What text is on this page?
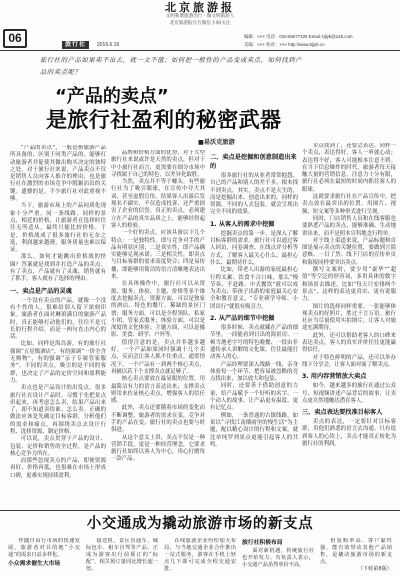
06	旅行社	2016.6.16
北京旅游报
文明和谐旅游出行 · 做文明旅游人
北京旅游报官方微信 扫码关注
编辑：××× 电话：010-66077426 Email: bjlyb@126.com
美编：××× 校对：××× http://www.bjlyb.cn
旅行社的产品如果卖不出去，就一文不值；如何把一般性的产品变成卖点，如何找到产品的卖点呢？
“产品的卖点”
是旅行社盈利的秘密武器
■易沃克旅游

“产品的卖点”，一般是指旅游产品所具备的、区别于同类产品的、能够打动旅游者并促使其做出购买决定的独特之处。对于旅行社来说，产品卖点不仅是销售人员向客人推介的理由，也是旅行社在激烈的市场竞争中脱颖而出的关键。遗憾的是，不少旅行社对此重视不够。

当下，旅游市场上的产品同质化现象十分严重，同一条线路、同样的景点、相近的价格，让旅游者在选择时往往无所适从，最终只能比较价格。于是，价格战成了很多旅行社的无奈之选，利润越来越薄，服务质量也难以保证。

那么，如何才能跳出价格战的怪圈？答案就是找到并打造产品的卖点。有了卖点，产品就有了灵魂，销售就有了抓手，客人就有了选择的理由。

一、卖点是产品的灵魂

一个没有卖点的产品，就像一个没有个性的人，很难给别人留下深刻印象。旅游者在面对琳琅满目的旅游产品时，真正能够打动他们的，往往不是冗长的行程介绍，而是一两句直击内心的话。

比如，同样是海岛游，有的旅行社强调“五星级酒店”，有的强调“一价全含无购物”，有的强调“亲子专属管家服务”。不同的卖点，吸引的是不同的客群，也决定了产品的定价空间和盈利能力。

卖点也是产品设计的出发点。很多旅行社在设计产品时，习惯于先把景点串起来，再考虑怎么卖，结果产品出来了，却不知道卖给谁、怎么卖。正确的做法应该是先确定目标客群，分析他们的需求和痛点，再围绕卖点去设计行程、选择资源、制定价格。

可以说，卖点贯穿于产品的设计、包装、定价和销售的全过程，是产品的核心竞争力所在。

而那些忽视卖点的产品，即便资源再好、价格再低，也很难在市场上形成口碑，更难实现持续盈利。

品牌和价格方面的优势，对于大型旅行社来说或许是天然的卖点，但对于中小旅行社而言，更需要在细分市场中寻找属于自己的特色，以差异化取胜。

当然，卖点并不等于噱头。有些旅行社为了吸引眼球，在宣传中夸大其词，甚至虚假宣传，结果客人出游后发现名不副实，不仅造成投诉，还严重损害了企业的信誉。真正的卖点，必须建立在产品的真实品质之上，能够经得起客人的检验。

一个好的卖点，应该具备以下几个特点：一是独特性，即与竞争对手的产品有明显区别；二是真实性，即产品确实能够兑现承诺；三是相关性，即卖点与目标客群的需求高度契合；四是易传播，即能够用简洁的语言清晰地表达出来。

在具体操作中，旅行社可以从资源、服务、体验、主题、价格等多个维度去挖掘卖点。资源方面，可以是独家的酒店、特色的餐厅、稀缺的景区门票；服务方面，可以是全程领队、私家小团、管家式服务；体验方面，可以是深度的文化体验；主题方面，可以是摄影、美食、研学、户外等。

值得注意的是，卖点并非越多越好。一个产品如果同时强调十几个卖点，反而会让客人抓不住重点。通常情况下，一个产品有一到两个核心卖点，再辅以若干个支撑卖点就足够了。

核心卖点要放在最显眼的位置，用最简洁有力的语言表达出来；支撑卖点则用来佐证核心卖点，增强客人的信任感。

此外，卖点还要随着市场的变化而不断调整。旅游者的需求在变，竞争对手的产品在变，旅行社的卖点也要与时俱进。

从这个意义上讲，卖点不仅是一种营销手段，更是一种经营理念，它要求旅行社始终以客人为中心，用心打磨每一款产品。

二、卖点是挖掘和创意制造出来的

很多旅行社的从业者常常抱怨，自己的产品和别人的差不多，根本找不到卖点。其实，卖点不是天生的，而是挖掘出来、创造出来的。同样的资源，不同的人去包装，就会呈现出完全不同的效果。

1. 从客人的需求中挖掘

挖掘卖点的第一步，是深入了解目标客群的需求。旅行社可以通过客人回访、问卷调查、在线点评分析等方式，了解客人最关心什么、最担心什么、最期待什么。

比如，带老人出游的家庭最担心行程太累、饮食不合口味，那么“慢节奏、不赶路、中式餐饮”就可以成为卖点；带孩子出游的家庭最关心安全和教育意义，“专业研学导师、小团出行”就很有吸引力。

2. 从产品的细节中挖掘

很多时候，卖点就藏在产品的细节里。一间能看到日出的海景房、一顿当地老字号的特色晚餐、一段由非遗传承人讲解的文化课，往往最能打动客人的心。

产品经理要深入线路一线，亲身体验每一个环节，把容易被忽略的亮点找出来，加以放大和包装。

同时，还要善于借助创意的力量，给产品赋予一个好听的名字、一个动人的故事，让产品更有温度、更有记忆点。

例如，一条普通的古镇线路，如果以“寻找江南烟雨里的慢生活”为主题，配以精心设计的行程和文案，就比单纯罗列景点更能引起客人的共鸣。

卖点找到了，还要会表达。同样一个卖点，表达得好，客人一听就心动；表达得不好，客人可能根本注意不到。在当下信息爆炸的时代，旅游者每天接触大量的营销信息，注意力十分有限，旅行社必须在最短的时间内抓住客人的眼球。

这就要求旅行社在产品宣传中，把卖点放在最突出的位置，用图片、视频、短文案等多种形式进行呈现。

同时，门店销售人员和在线客服也要熟悉产品的卖点，能够准确、生动地讲出来，而不是照本宣科地念行程单。

对于线上渠道来说，产品标题和首图是展示卖点的关键位置，要做到言简意赅、一目了然；线下门店的宣传单页和海报同样要突出卖点。

撰写文案时，要少用“豪华”“超值”等空泛的形容词，多用具体的数字和场景去描述，比如“每天只安排两个景点”，这样的表达更真实、更有说服力。

图片的选择同样重要。一张能够体现卖点的好照片，胜过千言万语。旅行社应当尽量使用实拍图片，让客人对旅途充满期待。

此外，还可以借助老客人的口碑来表达卖点，客人的真实评价往往更能赢得信任。

对于特色鲜明的产品，还可以举办线下分享会，让客人面对面了解卖点。

3. 用内容营销放大卖点

如今，越来越多的旅行社通过公众号、短视频讲述产品背后的故事，让卖点更自然地触达潜在客人。

三、卖点表达要找准目标客人

卖点的表达，一定要针对目标客群，用他们熟悉的语言去沟通。只有说到客人的心坎上，卖点才能真正转化为旅行社的利润。

小交通成为撬动旅游市场的新支点

伴随自由行市场的快速发展，旅游者对目的地“小交通”的需求日益多样化。

小众需求催生大市场

接送机、景区直通车、城际包车、租车自驾等产品，正成为游客出行前预订的“标配”，相关预订量同比增长超一倍。

在线旅游企业纷纷加大布局，与当地交通企业合作推出一站式服务，游客在手机上轻点几下即可完成全程交通安排。

旅行社积极布局

面对新机遇，传统旅行社也开始发力。有负责人表示，小交通产品虽然单价不高，

但复购率高、客户黏性强，能有效带动其他产品销售，是撬动旅游市场的新支点。

（下转第8版）
